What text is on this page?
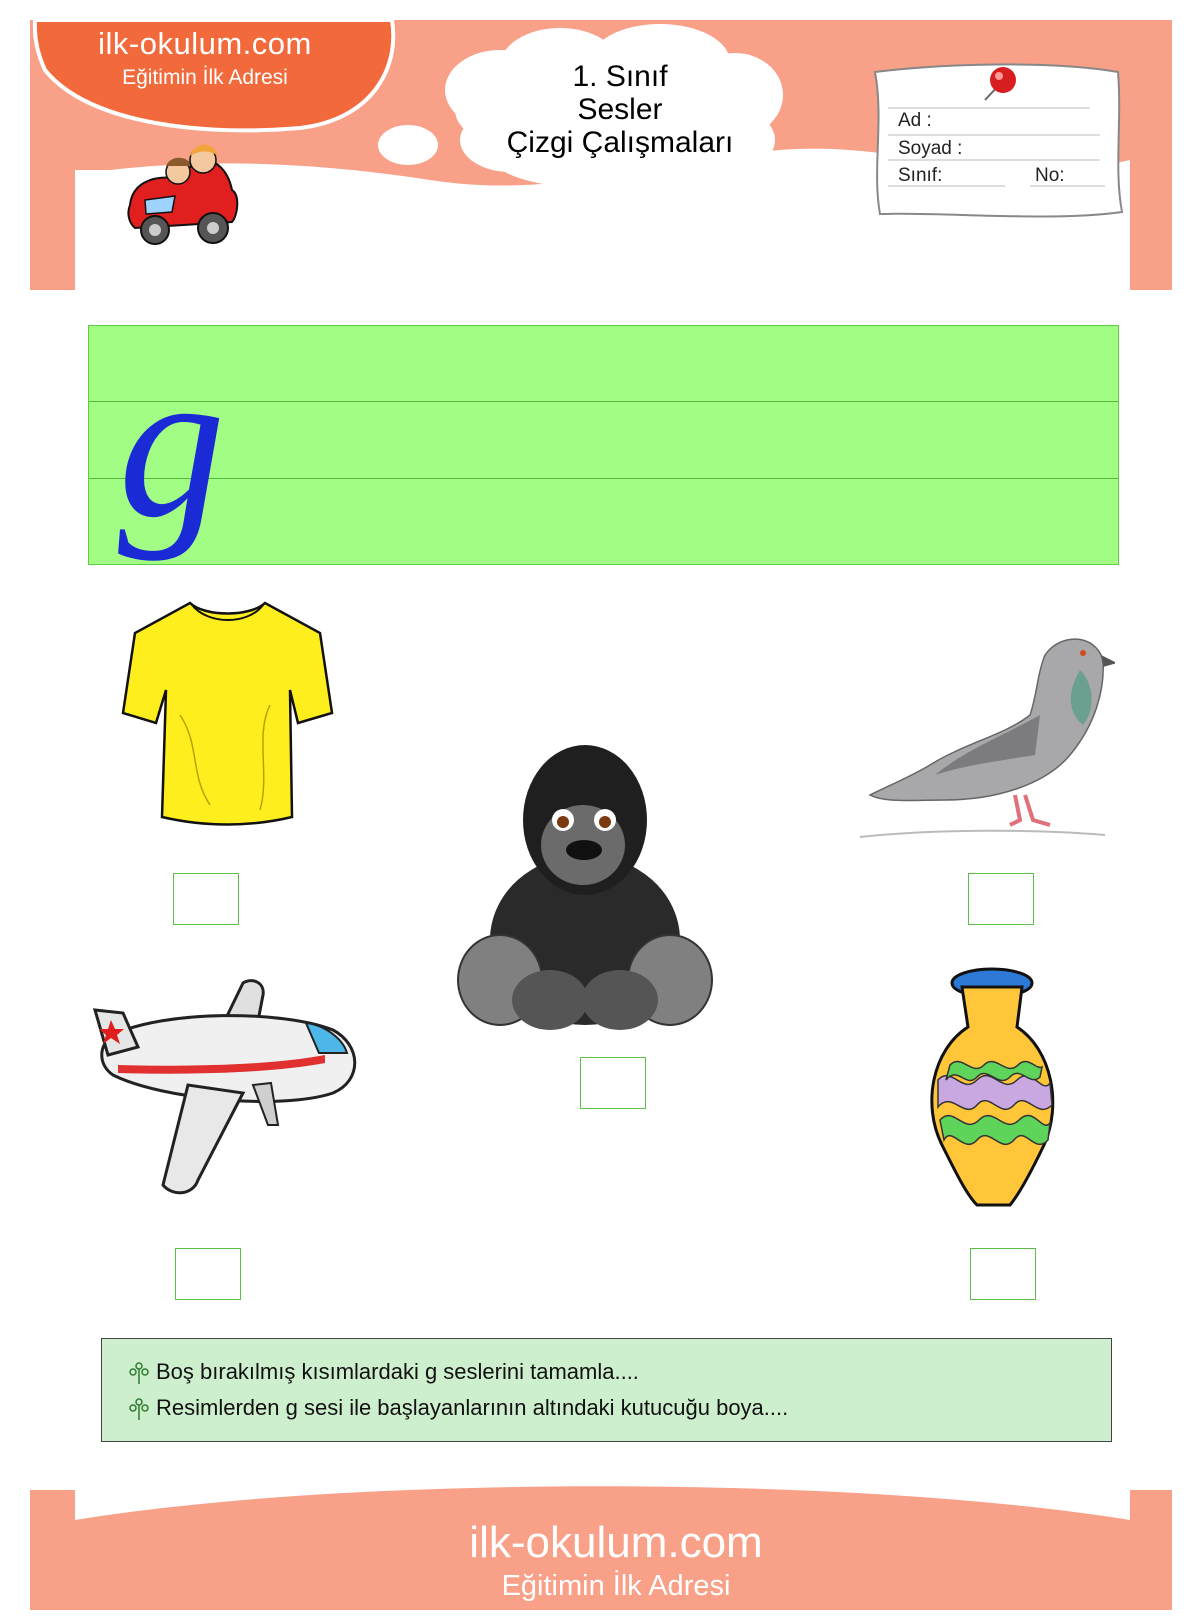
ilk-okulum.com
Eğitimin İlk Adresi	1. Sınıf
Sesler
Çizgi Çalışmaları
Ad :
Soyad :
Sınıf:	No:
g
Boş bırakılmış kısımlardaki g seslerini tamamla....
Resimlerden g sesi ile başlayanlarının altındaki kutucuğu boya....
ilk-okulum.com
Eğitimin İlk Adresi
